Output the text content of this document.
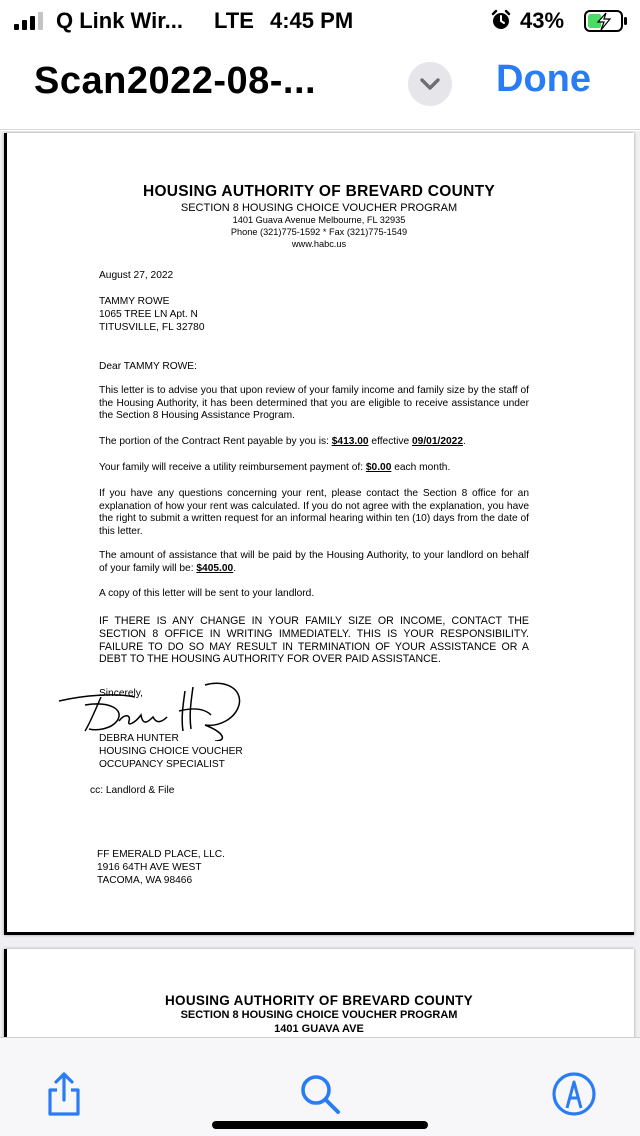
Q Link Wir... LTE 4:45 PM	43%
Scan2022-08-...	Done
HOUSING AUTHORITY OF BREVARD COUNTY
SECTION 8 HOUSING CHOICE VOUCHER PROGRAM
1401 Guava Avenue Melbourne, FL 32935
Phone (321)775-1592 * Fax (321)775-1549
www.habc.us
August 27, 2022
TAMMY ROWE
1065 TREE LN Apt. N
TITUSVILLE, FL 32780
Dear TAMMY ROWE:
This letter is to advise you that upon review of your family income and family size by the staff of the Housing Authority, it has been determined that you are eligible to receive assistance under the Section 8 Housing Assistance Program.
The portion of the Contract Rent payable by you is: $413.00 effective 09/01/2022.
Your family will receive a utility reimbursement payment of: $0.00 each month.
If you have any questions concerning your rent, please contact the Section 8 office for an explanation of how your rent was calculated. If you do not agree with the explanation, you have the right to submit a written request for an informal hearing within ten (10) days from the date of this letter.
The amount of assistance that will be paid by the Housing Authority, to your landlord on behalf of your family will be: $405.00.
A copy of this letter will be sent to your landlord.
IF THERE IS ANY CHANGE IN YOUR FAMILY SIZE OR INCOME, CONTACT THE SECTION 8 OFFICE IN WRITING IMMEDIATELY. THIS IS YOUR RESPONSIBILITY. FAILURE TO DO SO MAY RESULT IN TERMINATION OF YOUR ASSISTANCE OR A DEBT TO THE HOUSING AUTHORITY FOR OVER PAID ASSISTANCE.
Sincerely,
DEBRA HUNTER
HOUSING CHOICE VOUCHER
OCCUPANCY SPECIALIST
cc: Landlord & File
FF EMERALD PLACE, LLC.
1916 64TH AVE WEST
TACOMA, WA 98466
HOUSING AUTHORITY OF BREVARD COUNTY
SECTION 8 HOUSING CHOICE VOUCHER PROGRAM
1401 GUAVA AVE
